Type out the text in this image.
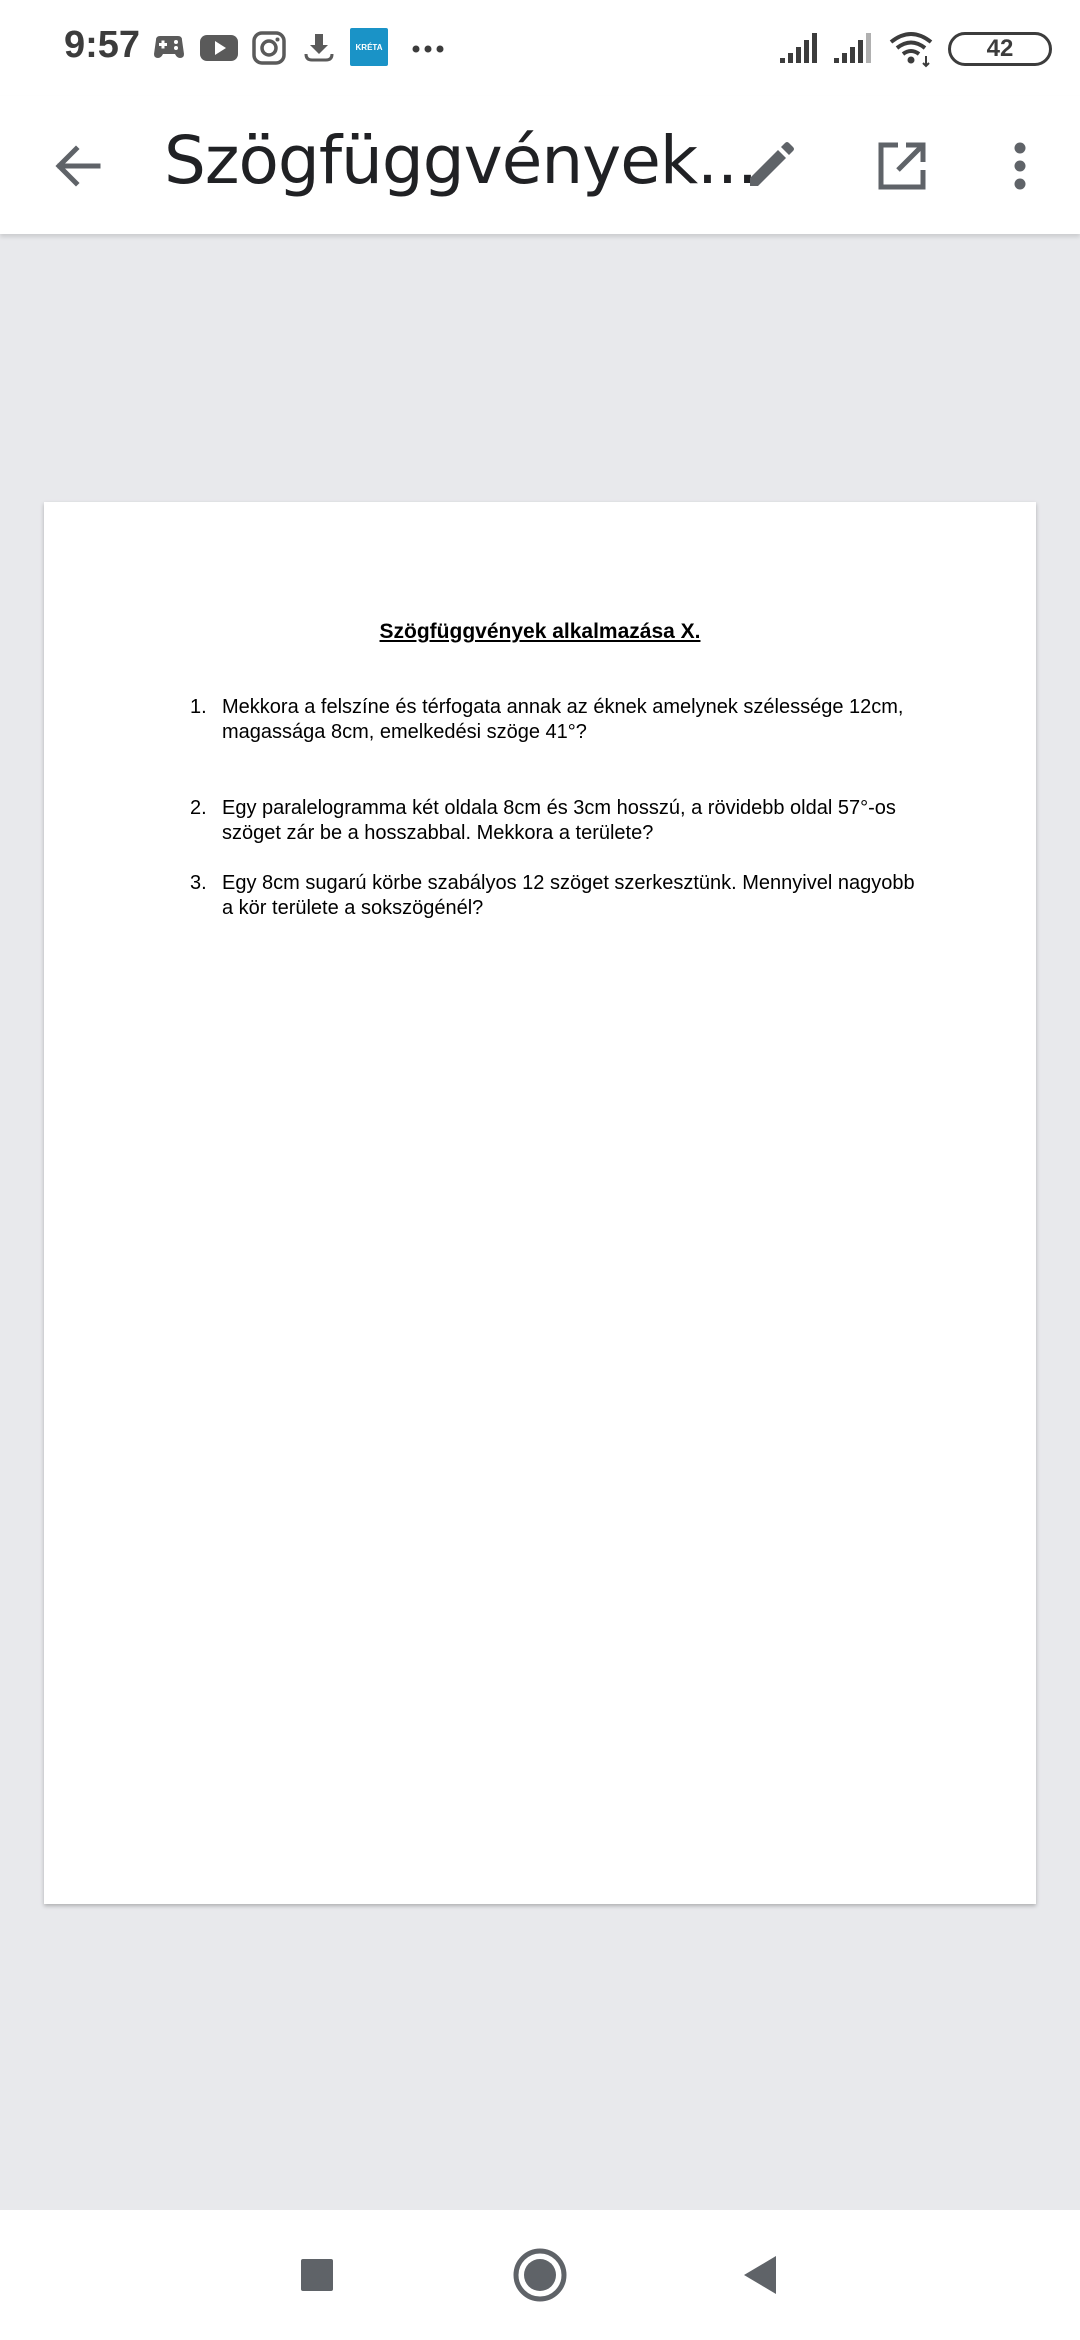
9:57	KRÉTA	42
Szögfüggvények...
Szögfüggvények alkalmazása X.
1. Mekkora a felszíne és térfogata annak az éknek amelynek szélessége 12cm,
magassága 8cm, emelkedési szöge 41°?
2. Egy paralelogramma két oldala 8cm és 3cm hosszú, a rövidebb oldal 57°-os
szöget zár be a hosszabbal. Mekkora a területe?
3. Egy 8cm sugarú körbe szabályos 12 szöget szerkesztünk. Mennyivel nagyobb
a kör területe a sokszögénél?
